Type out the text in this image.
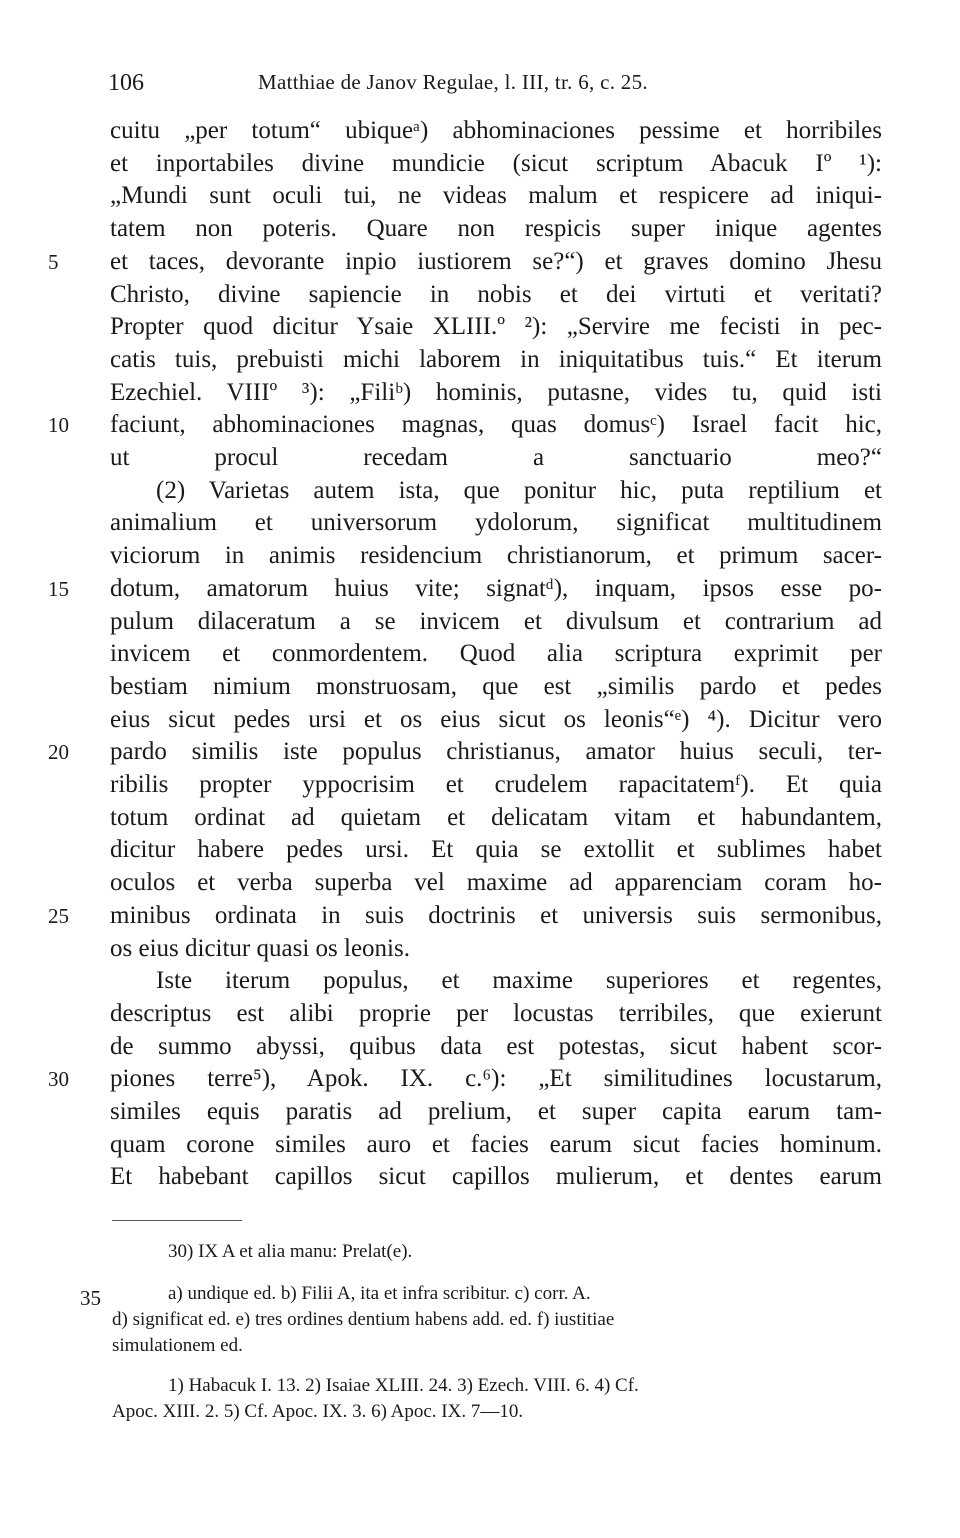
106	Matthiae de Janov Regulae, l. III, tr. 6, c. 25.
cuitu „per totum“ ubiqueᵃ) abhominaciones pessime et horribiles
et inportabiles divine mundicie (sicut scriptum Abacuk Iº ¹):
„Mundi sunt oculi tui, ne videas malum et respicere ad iniqui-
tatem non poteris. Quare non respicis super inique agentes
et taces, devorante inpio iustiorem se?“) et graves domino Jhesu
5
Christo, divine sapiencie in nobis et dei virtuti et veritati?
Propter quod dicitur Ysaie XLIII.º ²): „Servire me fecisti in pec-
catis tuis, prebuisti michi laborem in iniquitatibus tuis.“ Et iterum
Ezechiel. VIIIº ³): „Filiᵇ) hominis, putasne, vides tu, quid isti
faciunt, abhominaciones magnas, quas domusᶜ) Israel facit hic,
10
ut procul recedam a sanctuario meo?“
(2) Varietas autem ista, que ponitur hic, puta reptilium et
animalium et universorum ydolorum, significat multitudinem
viciorum in animis residencium christianorum, et primum sacer-
dotum, amatorum huius vite; signatᵈ), inquam, ipsos esse po-
15
pulum dilaceratum a se invicem et divulsum et contrarium ad
invicem et conmordentem. Quod alia scriptura exprimit per
bestiam nimium monstruosam, que est „similis pardo et pedes
eius sicut pedes ursi et os eius sicut os leonis“ᵉ) ⁴). Dicitur vero
pardo similis iste populus christianus, amator huius seculi, ter-
20
ribilis propter yppocrisim et crudelem rapacitatemᶠ). Et quia
totum ordinat ad quietam et delicatam vitam et habundantem,
dicitur habere pedes ursi. Et quia se extollit et sublimes habet
oculos et verba superba vel maxime ad apparenciam coram ho-
minibus ordinata in suis doctrinis et universis suis sermonibus,
25
os eius dicitur quasi os leonis.
Iste iterum populus, et maxime superiores et regentes,
descriptus est alibi proprie per locustas terribiles, que exierunt
de summo abyssi, quibus data est potestas, sicut habent scor-
piones terre⁵), Apok. IX. c.⁶): „Et similitudines locustarum,
30
similes equis paratis ad prelium, et super capita earum tam-
quam corone similes auro et facies earum sicut facies hominum.
Et habebant capillos sicut capillos mulierum, et dentes earum
30) IX A et alia manu: Prelat(e).
35	a) undique ed. b) Filii A, ita et infra scribitur. c) corr. A.
d) significat ed. e) tres ordines dentium habens add. ed. f) iustitiae
simulationem ed.
1) Habacuk I. 13. 2) Isaiae XLIII. 24. 3) Ezech. VIII. 6. 4) Cf.
Apoc. XIII. 2. 5) Cf. Apoc. IX. 3. 6) Apoc. IX. 7—10.
